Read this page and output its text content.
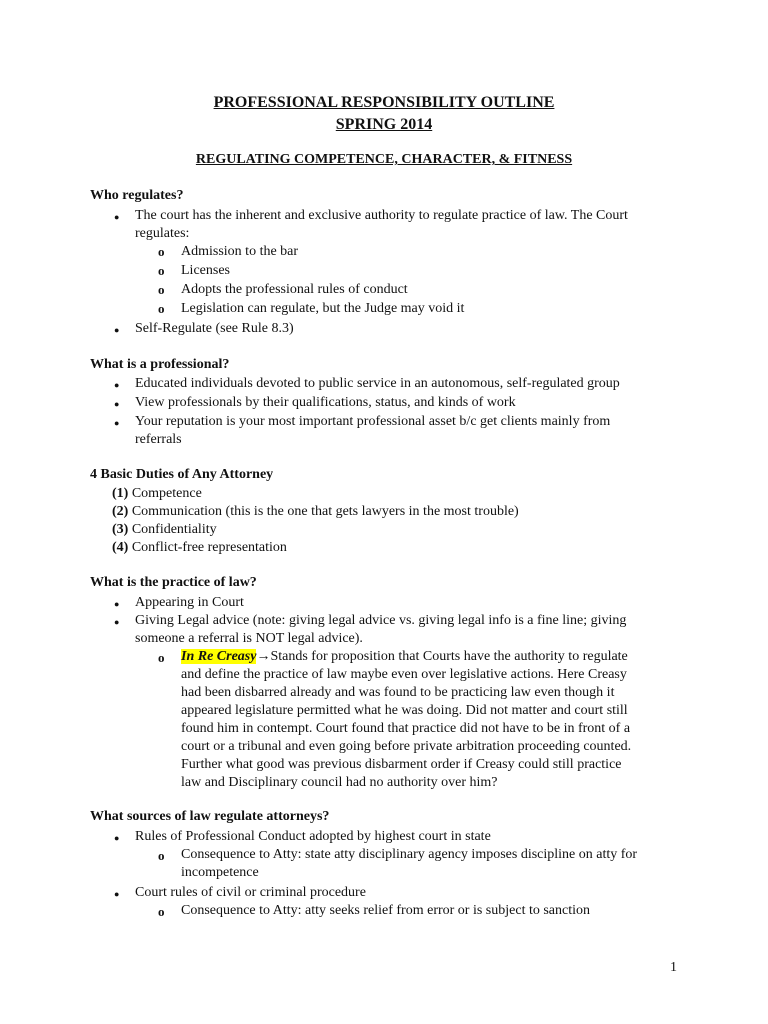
PROFESSIONAL RESPONSIBILITY OUTLINE
SPRING 2014
REGULATING COMPETENCE, CHARACTER, & FITNESS
Who regulates?
● The court has the inherent and exclusive authority to regulate practice of law. The Court
regulates:
o Admission to the bar
o Licenses
o Adopts the professional rules of conduct
o Legislation can regulate, but the Judge may void it
● Self-Regulate (see Rule 8.3)
What is a professional?
● Educated individuals devoted to public service in an autonomous, self-regulated group
● View professionals by their qualifications, status, and kinds of work
● Your reputation is your most important professional asset b/c get clients mainly from
referrals
4 Basic Duties of Any Attorney
(1) Competence
(2) Communication (this is the one that gets lawyers in the most trouble)
(3) Confidentiality
(4) Conflict-free representation
What is the practice of law?
● Appearing in Court
● Giving Legal advice (note: giving legal advice vs. giving legal info is a fine line; giving
someone a referral is NOT legal advice).
o In Re Creasy→Stands for proposition that Courts have the authority to regulate
and define the practice of law maybe even over legislative actions. Here Creasy
had been disbarred already and was found to be practicing law even though it
appeared legislature permitted what he was doing. Did not matter and court still
found him in contempt. Court found that practice did not have to be in front of a
court or a tribunal and even going before private arbitration proceeding counted.
Further what good was previous disbarment order if Creasy could still practice
law and Disciplinary council had no authority over him?
What sources of law regulate attorneys?
● Rules of Professional Conduct adopted by highest court in state
o Consequence to Atty: state atty disciplinary agency imposes discipline on atty for
incompetence
● Court rules of civil or criminal procedure
o Consequence to Atty: atty seeks relief from error or is subject to sanction
1
